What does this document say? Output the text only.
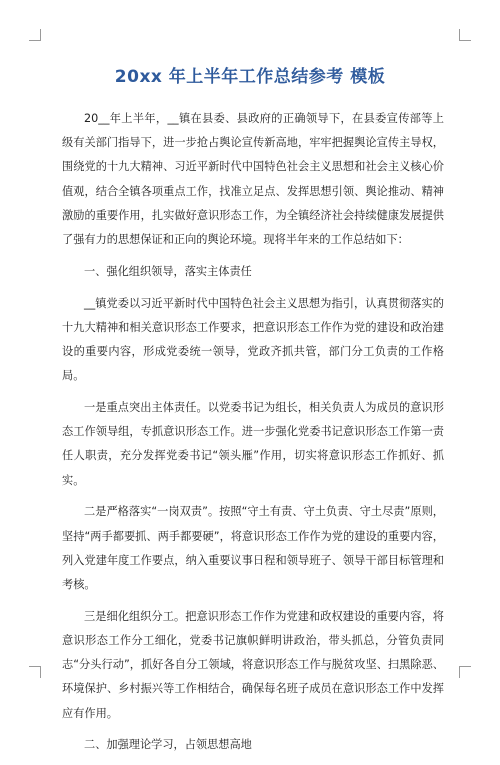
20xx 年上半年工作总结参考 模板

20__年上半年，__镇在县委、县政府的正确领导下，在县委宣传部等上级有关部门指导下，进一步抢占舆论宣传新高地，牢牢把握舆论宣传主导权，围绕党的十九大精神、习近平新时代中国特色社会主义思想和社会主义核心价值观，结合全镇各项重点工作，找准立足点、发挥思想引领、舆论推动、精神激励的重要作用，扎实做好意识形态工作，为全镇经济社会持续健康发展提供了强有力的思想保证和正向的舆论环境。现将半年来的工作总结如下：

一、强化组织领导，落实主体责任

__镇党委以习近平新时代中国特色社会主义思想为指引，认真贯彻落实的十九大精神和相关意识形态工作要求，把意识形态工作作为党的建设和政治建设的重要内容，形成党委统一领导，党政齐抓共管，部门分工负责的工作格局。

一是重点突出主体责任。以党委书记为组长，相关负责人为成员的意识形态工作领导组，专抓意识形态工作。进一步强化党委书记意识形态工作第一责任人职责，充分发挥党委书记“领头雁”作用，切实将意识形态工作抓好、抓实。

二是严格落实“一岗双责”。按照“守土有责、守土负责、守土尽责”原则，坚持“两手都要抓、两手都要硬”，将意识形态工作作为党的建设的重要内容，列入党建年度工作要点，纳入重要议事日程和领导班子、领导干部目标管理和考核。

三是细化组织分工。把意识形态工作作为党建和政权建设的重要内容，将意识形态工作分工细化，党委书记旗帜鲜明讲政治，带头抓总，分管负责同志“分头行动”，抓好各自分工领域，将意识形态工作与脱贫攻坚、扫黑除恶、环境保护、乡村振兴等工作相结合，确保每名班子成员在意识形态工作中发挥应有作用。

二、加强理论学习，占领思想高地
